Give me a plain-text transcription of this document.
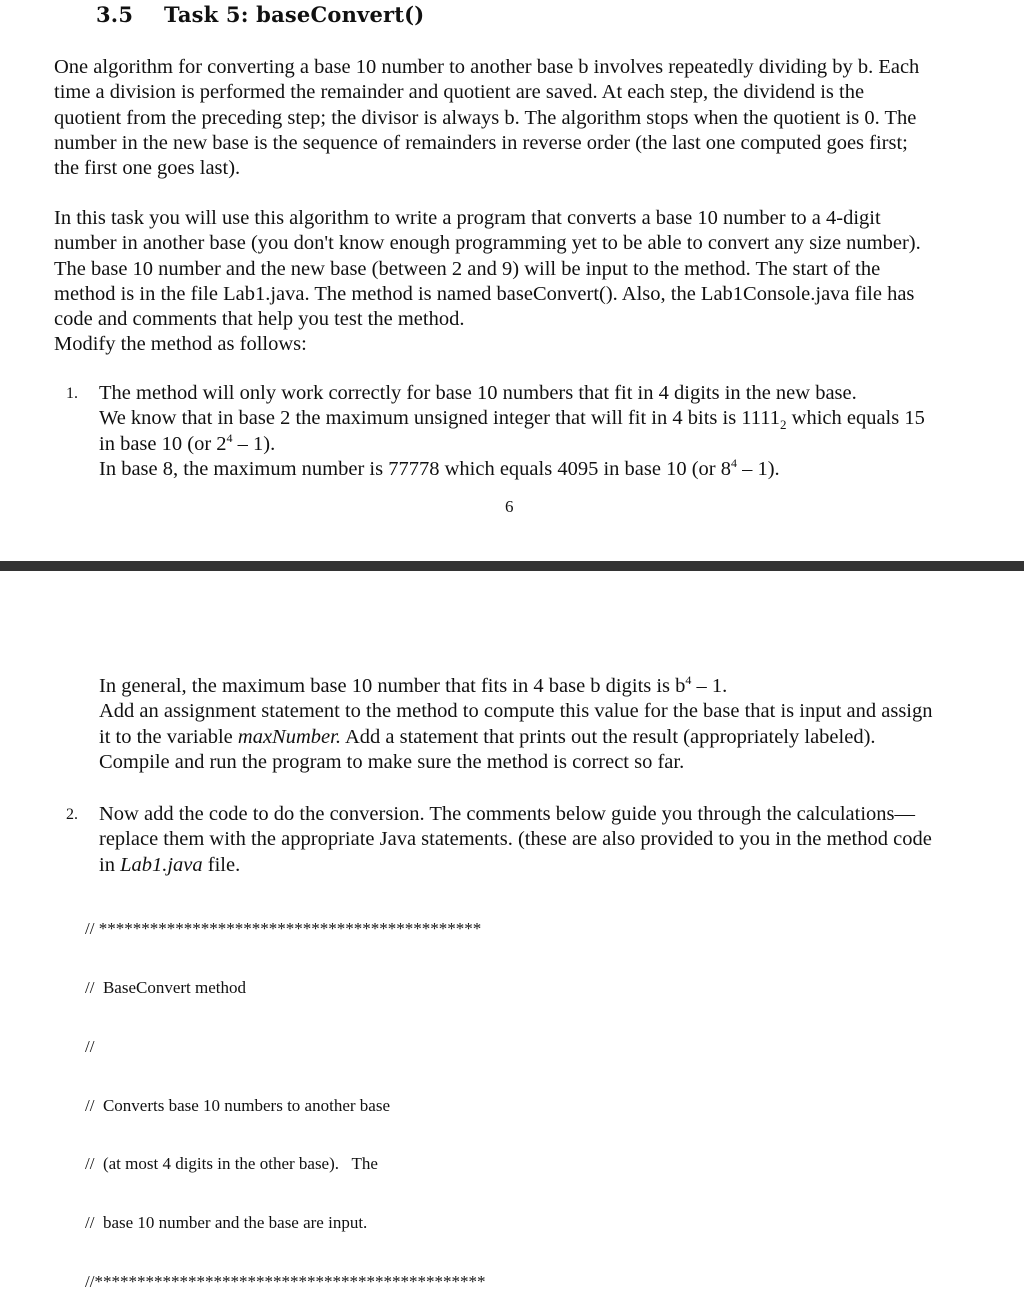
3.5 Task 5: baseConvert()
One algorithm for converting a base 10 number to another base b involves repeatedly dividing by b. Each
time a division is performed the remainder and quotient are saved. At each step, the dividend is the
quotient from the preceding step; the divisor is always b. The algorithm stops when the quotient is 0. The
number in the new base is the sequence of remainders in reverse order (the last one computed goes first;
the first one goes last).
In this task you will use this algorithm to write a program that converts a base 10 number to a 4-digit
number in another base (you don't know enough programming yet to be able to convert any size number).
The base 10 number and the new base (between 2 and 9) will be input to the method. The start of the
method is in the file Lab1.java. The method is named baseConvert(). Also, the Lab1Console.java file has
code and comments that help you test the method.
Modify the method as follows:
1. The method will only work correctly for base 10 numbers that fit in 4 digits in the new base.
We know that in base 2 the maximum unsigned integer that will fit in 4 bits is $1111_2$ which equals 15
in base 10 (or $2^4 - 1$).
In base 8, the maximum number is 77778 which equals 4095 in base 10 (or $8^4 - 1$).
6
In general, the maximum base 10 number that fits in 4 base b digits is $b^4 - 1$.
Add an assignment statement to the method to compute this value for the base that is input and assign
it to the variable maxNumber. Add a statement that prints out the result (appropriately labeled).
Compile and run the program to make sure the method is correct so far.
2. Now add the code to do the conversion. The comments below guide you through the calculations—
replace them with the appropriate Java statements. (these are also provided to you in the method code
in Lab1.java file.

// *********************************************

//  BaseConvert method

//

//  Converts base 10 numbers to another base

//  (at most 4 digits in the other base).   The

//  base 10 number and the base are input.

//**********************************************
